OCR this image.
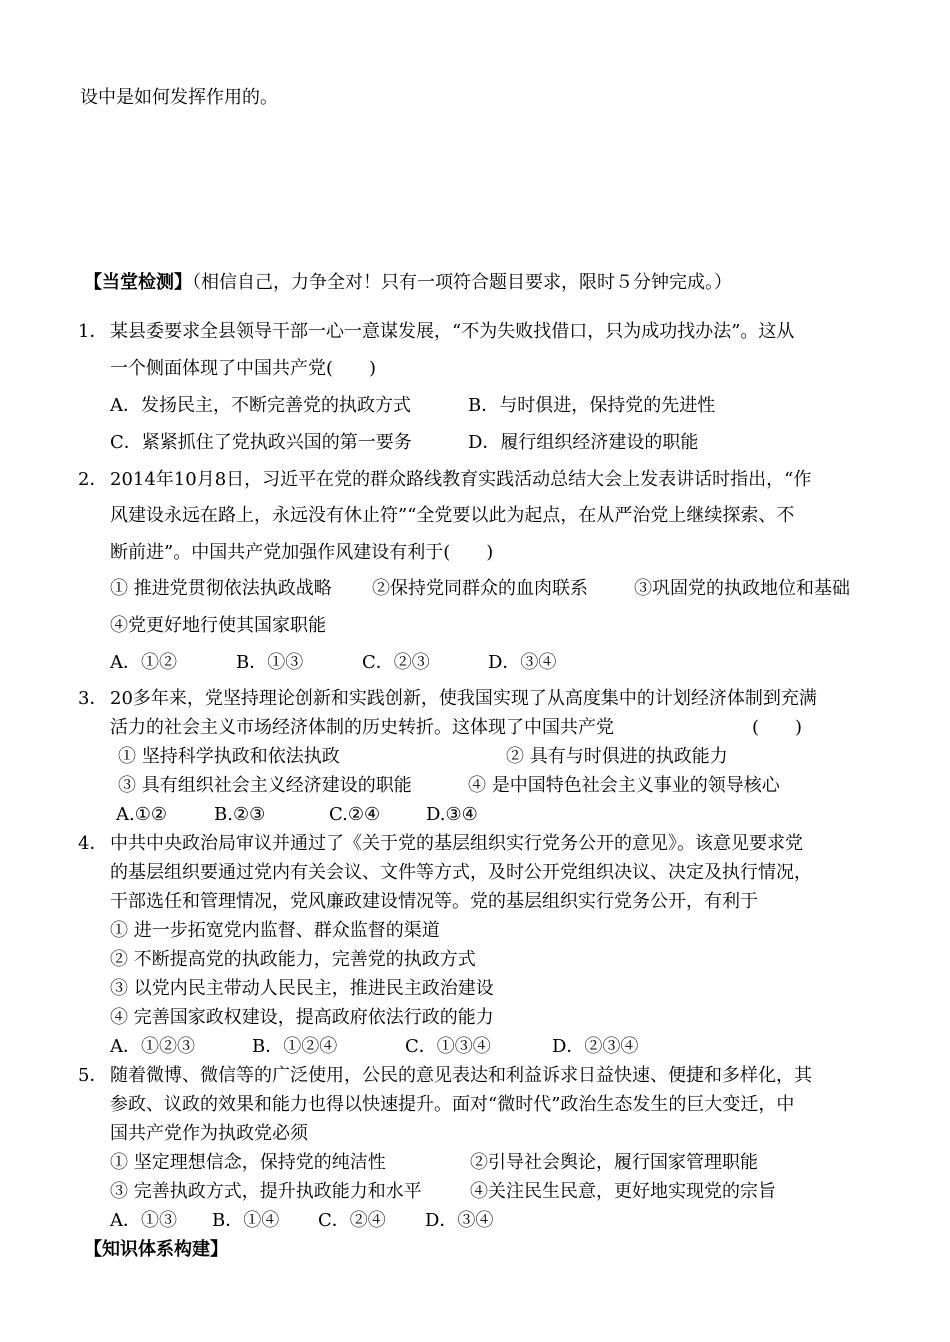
设中是如何发挥作用的。
【当堂检测】（相信自己，力争全对！只有一项符合题目要求，限时５分钟完成。）
1． 某县委要求全县领导干部一心一意谋发展，“不为失败找借口，只为成功找办法”。这从
一个侧面体现了中国共产党(　　)
A．发扬民主，不断完善党的执政方式	B．与时俱进，保持党的先进性
C．紧紧抓住了党执政兴国的第一要务	D．履行组织经济建设的职能
2． 2014年10月8日，习近平在党的群众路线教育实践活动总结大会上发表讲话时指出，“作
风建设永远在路上，永远没有休止符”“全党要以此为起点，在从严治党上继续探索、不
断前进”。中国共产党加强作风建设有利于(　　)
① 推进党贯彻依法执政战略 ②保持党同群众的血肉联系	③巩固党的执政地位和基础
④党更好地行使其国家职能
A．①②	B．①③	C．②③	D．③④
3． 20多年来，党坚持理论创新和实践创新，使我国实现了从高度集中的计划经济体制到充满
活力的社会主义市场经济体制的历史转折。这体现了中国共产党	(　　)
① 坚持科学执政和依法执政	② 具有与时俱进的执政能力
③ 具有组织社会主义经济建设的职能	④ 是中国特色社会主义事业的领导核心
A.①②	B.②③	C.②④	D.③④
4． 中共中央政治局审议并通过了《关于党的基层组织实行党务公开的意见》。该意见要求党
的基层组织要通过党内有关会议、文件等方式，及时公开党组织决议、决定及执行情况，
干部选任和管理情况，党风廉政建设情况等。党的基层组织实行党务公开，有利于
① 进一步拓宽党内监督、群众监督的渠道
② 不断提高党的执政能力，完善党的执政方式
③ 以党内民主带动人民民主，推进民主政治建设
④ 完善国家政权建设，提高政府依法行政的能力
A．①②③	B．①②④	C．①③④	D．②③④
5． 随着微博、微信等的广泛使用，公民的意见表达和利益诉求日益快速、便捷和多样化，其
参政、议政的效果和能力也得以快速提升。面对“微时代”政治生态发生的巨大变迁，中
国共产党作为执政党必须
① 坚定理想信念，保持党的纯洁性	②引导社会舆论，履行国家管理职能
③ 完善执政方式，提升执政能力和水平	④关注民生民意，更好地实现党的宗旨
A．①③ B．①④ C．②④ D．③④
【知识体系构建】
